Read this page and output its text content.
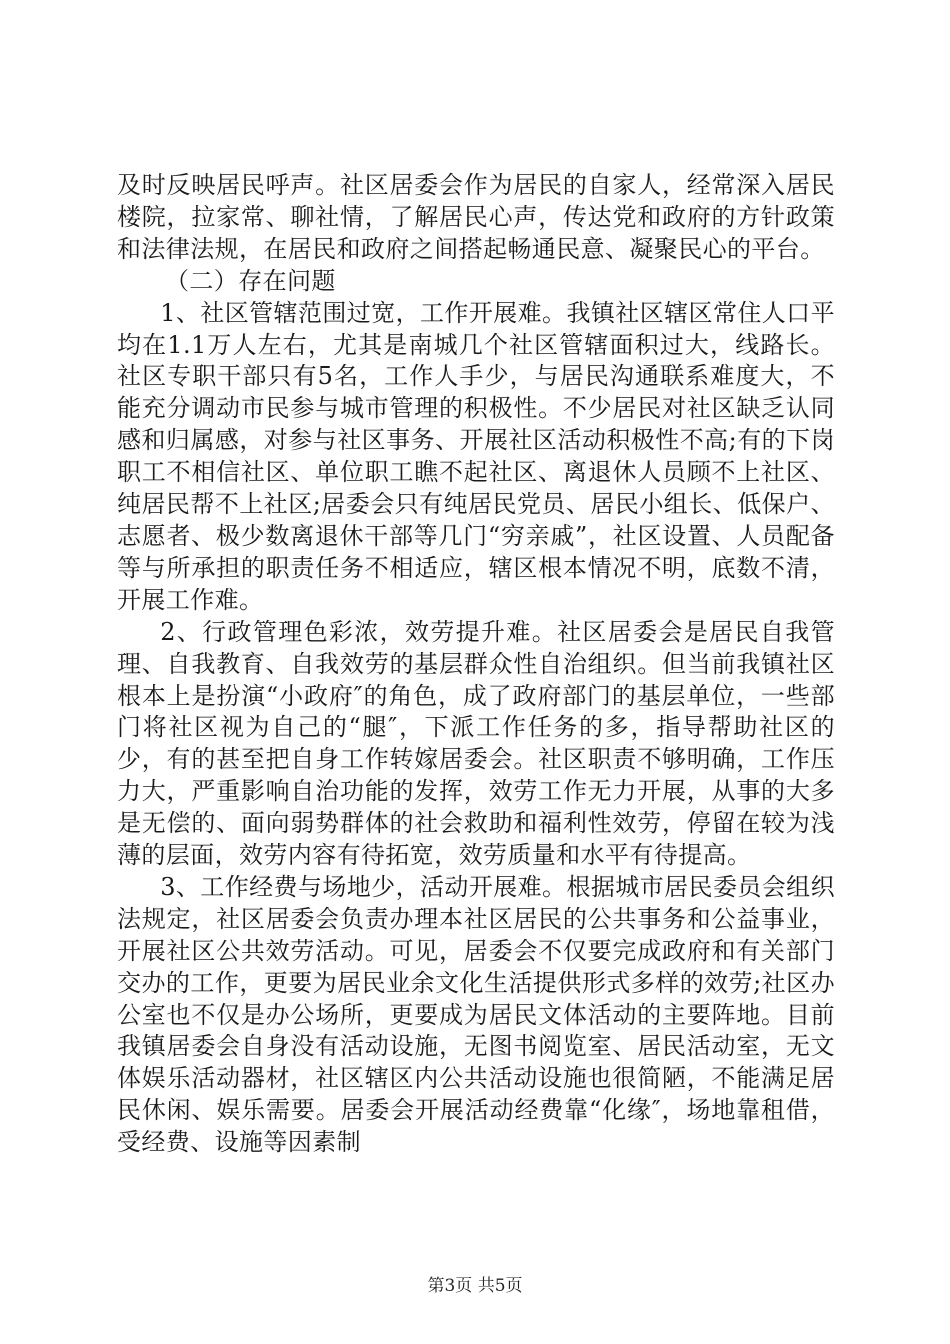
及时反映居民呼声。社区居委会作为居民的自家人，经常深入居民楼院，拉家常、聊社情，了解居民心声，传达党和政府的方针政策和法律法规，在居民和政府之间搭起畅通民意、凝聚民心的平台。

（二）存在问题

1、社区管辖范围过宽，工作开展难。我镇社区辖区常住人口平均在1.1万人左右，尤其是南城几个社区管辖面积过大，线路长。社区专职干部只有5名，工作人手少，与居民沟通联系难度大，不能充分调动市民参与城市管理的积极性。不少居民对社区缺乏认同感和归属感，对参与社区事务、开展社区活动积极性不高;有的下岗职工不相信社区、单位职工瞧不起社区、离退休人员顾不上社区、纯居民帮不上社区;居委会只有纯居民党员、居民小组长、低保户、志愿者、极少数离退休干部等几门“穷亲戚”，社区设置、人员配备等与所承担的职责任务不相适应，辖区根本情况不明，底数不清，开展工作难。

2、行政管理色彩浓，效劳提升难。社区居委会是居民自我管理、自我教育、自我效劳的基层群众性自治组织。但当前我镇社区根本上是扮演“小政府″的角色，成了政府部门的基层单位，一些部门将社区视为自己的“腿″，下派工作任务的多，指导帮助社区的少，有的甚至把自身工作转嫁居委会。社区职责不够明确，工作压力大，严重影响自治功能的发挥，效劳工作无力开展，从事的大多是无偿的、面向弱势群体的社会救助和福利性效劳，停留在较为浅薄的层面，效劳内容有待拓宽，效劳质量和水平有待提高。

3、工作经费与场地少，活动开展难。根据城市居民委员会组织法规定，社区居委会负责办理本社区居民的公共事务和公益事业，开展社区公共效劳活动。可见，居委会不仅要完成政府和有关部门交办的工作，更要为居民业余文化生活提供形式多样的效劳;社区办公室也不仅是办公场所，更要成为居民文体活动的主要阵地。目前我镇居委会自身没有活动设施，无图书阅览室、居民活动室，无文体娱乐活动器材，社区辖区内公共活动设施也很简陋，不能满足居民休闲、娱乐需要。居委会开展活动经费靠“化缘″，场地靠租借，受经费、设施等因素制

第3页 共5页
